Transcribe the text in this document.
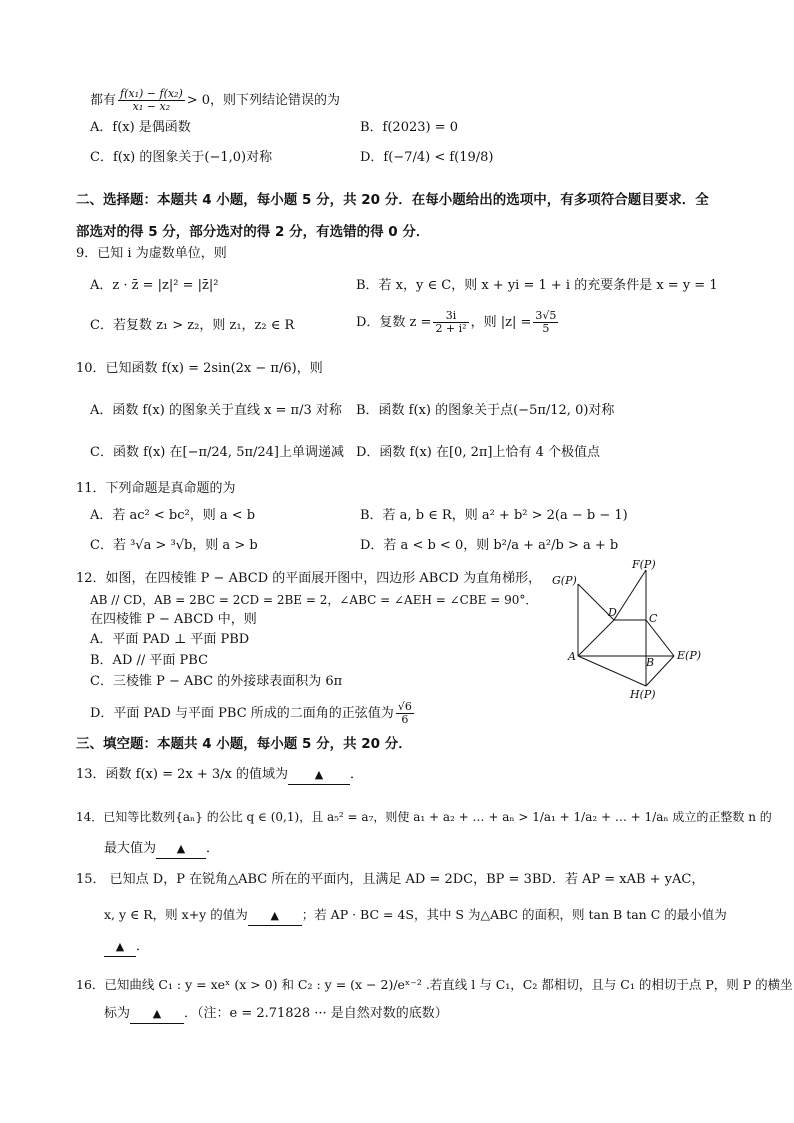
都有 $\frac{\text{f(x₁) − f(x₂)}}{\text{x₁ − x₂}} > 0$，则下列结论错误的为
A．f(x) 是偶函数	B．f(2023) = 0
C．f(x) 的图象关于(−1,0)对称	D．f(−7/4) < f(19/8)
二、选择题：本题共 4 小题，每小题 5 分，共 20 分．在每小题给出的选项中，有多项符合题目要求．全
部选对的得 5 分，部分选对的得 2 分，有选错的得 0 分．
9．已知 i 为虚数单位，则
A．z · z̄ = |z|² = |z̄|²	B．若 x，y ∈ C，则 x + yi = 1 + i 的充要条件是 x = y = 1
C．若复数 z₁ > z₂，则 z₁，z₂ ∈ R	D．复数 $z = \frac{3i}{\text{2 + i²}}$ ，则 $|z| = \frac{3√5}{5}$
10．已知函数 f(x) = 2sin(2x − π/6)，则
A．函数 f(x) 的图象关于直线 x = π/3 对称 B．函数 f(x) 的图象关于点(−5π/12, 0)对称
C．函数 f(x) 在[−π/24, 5π/24]上单调递减 D．函数 f(x) 在[0, 2π]上恰有 4 个极值点
11．下列命题是真命题的为
A．若 ac² < bc²，则 a < b	B．若 a, b ∈ R，则 a² + b² > 2(a − b − 1)
C．若 ³√a > ³√b，则 a > b	D．若 a < b < 0，则 b²/a + a²/b > a + b
12．如图，在四棱锥 P − ABCD 的平面展开图中，四边形 ABCD 为直角梯形，
AB // CD，AB = 2BC = 2CD = 2BE = 2，∠ABC = ∠AEH = ∠CBE = 90°．
在四棱锥 P − ABCD 中，则
A．平面 PAD ⊥ 平面 PBD
B．AD // 平面 PBC
C．三棱锥 P − ABC 的外接球表面积为 6π
D．平面 PAD 与平面 PBC 所成的二面角的正弦值为 $\frac{√6}{6}$
G(P)
F(P)
D	C
A	B
E(P)
H(P)
三、填空题：本题共 4 小题，每小题 5 分，共 20 分．
13．函数 f(x) = 2x + 3/x 的值域为 ▲ ．
14．已知等比数列{aₙ} 的公比 q ∈ (0,1)，且 a₅² = a₇，则使 a₁ + a₂ + … + aₙ > 1/a₁ + 1/a₂ + … + 1/aₙ 成立的正整数 n 的
最大值为 ▲ ．
15． 已知点 D，P 在锐角△ABC 所在的平面内，且满足 AD = 2DC，BP = 3BD．若 AP = xAB + yAC，
x, y ∈ R，则 x+y 的值为 ▲ ；若 AP · BC = 4S，其中 S 为△ABC 的面积，则 tan B tan C 的最小值为
▲ ．
16．已知曲线 C₁ : y = xeˣ (x > 0) 和 C₂ : y = (x − 2)/eˣ⁻² .若直线 l 与 C₁，C₂ 都相切，且与 C₁ 的相切于点 P，则 P 的横坐
标为 ▲ ．（注：e = 2.71828 ··· 是自然对数的底数）
